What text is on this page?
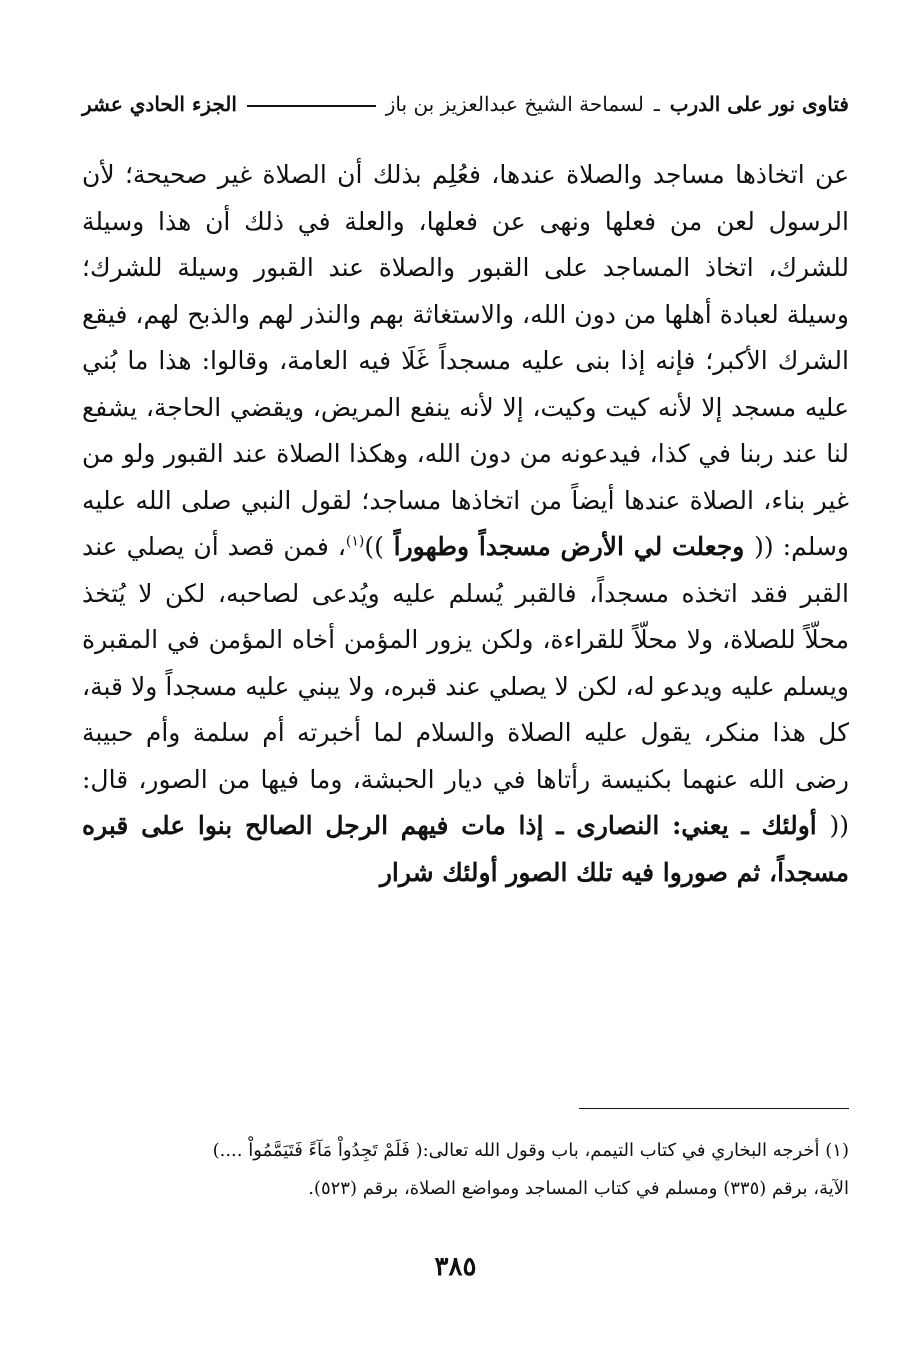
فتاوى نور على الدرب
ـ
لسماحة الشيخ عبدالعزيز بن باز
الجزء الحادي عشر

عن اتخاذها مساجد والصلاة عندها، فعُلِم بذلك أن الصلاة غير صحيحة؛ لأن الرسول لعن من فعلها ونهى عن فعلها، والعلة في ذلك أن هذا وسيلة للشرك، اتخاذ المساجد على القبور والصلاة عند القبور وسيلة للشرك؛ وسيلة لعبادة أهلها من دون الله، والاستغاثة بهم والنذر لهم والذبح لهم، فيقع الشرك الأكبر؛ فإنه إذا بنى عليه مسجداً غَلَا فيه العامة، وقالوا: هذا ما بُني عليه مسجد إلا لأنه كيت وكيت، إلا لأنه ينفع المريض، ويقضي الحاجة، يشفع لنا عند ربنا في كذا، فيدعونه من دون الله، وهكذا الصلاة عند القبور ولو من غير بناء، الصلاة عندها أيضاً من اتخاذها مساجد؛ لقول النبي صلى الله عليه وسلم: (( وجعلت لي الأرض مسجداً وطهوراً ))$^{(١)}$، فمن قصد أن يصلي عند القبر فقد اتخذه مسجداً، فالقبر يُسلم عليه ويُدعى لصاحبه، لكن لا يُتخذ محلّاً للصلاة، ولا محلّاً للقراءة، ولكن يزور المؤمن أخاه المؤمن في المقبرة ويسلم عليه ويدعو له، لكن لا يصلي عند قبره، ولا يبني عليه مسجداً ولا قبة، كل هذا منكر، يقول عليه الصلاة والسلام لما أخبرته أم سلمة وأم حبيبة رضى الله عنهما بكنيسة رأتاها في ديار الحبشة، وما فيها من الصور، قال: (( أولئك ـ يعني: النصارى ـ إذا مات فيهم الرجل الصالح بنوا على قبره مسجداً، ثم صوروا فيه تلك الصور أولئك شرار

(١) أخرجه البخاري في كتاب التيمم، باب وقول الله تعالى:( فَلَمْ تَجِدُواْ مَآءً فَتَيَمَّمُواْ ....)

الآية، برقم (٣٣٥) ومسلم في كتاب المساجد ومواضع الصلاة، برقم (٥٢٣).

٣٨٥
